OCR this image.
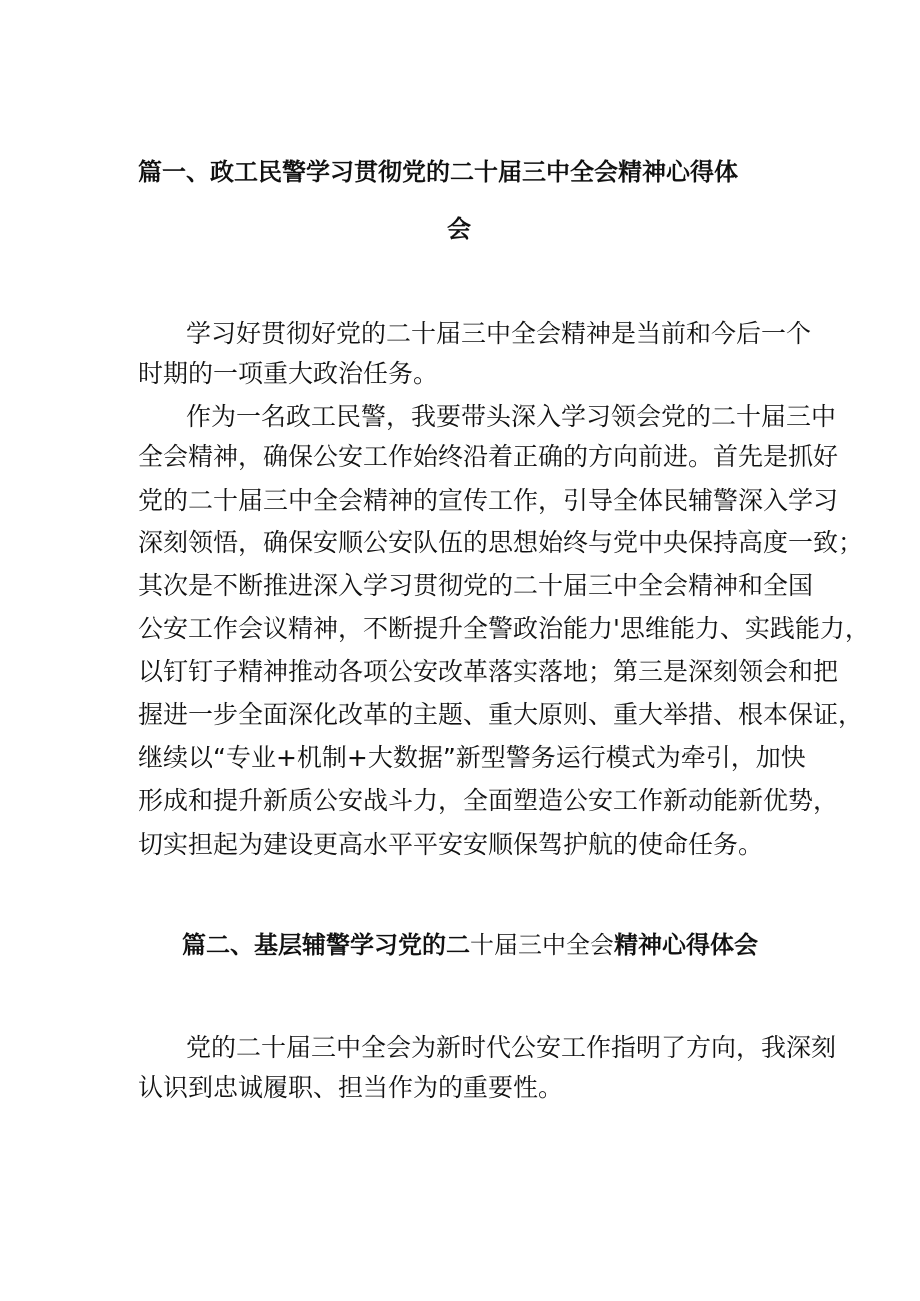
篇一、政工民警学习贯彻党的二十届三中全会精神心得体
会
学习好贯彻好党的二十届三中全会精神是当前和今后一个
时期的一项重大政治任务。
作为一名政工民警，我要带头深入学习领会党的二十届三中
全会精神，确保公安工作始终沿着正确的方向前进。首先是抓好
党的二十届三中全会精神的宣传工作，引导全体民辅警深入学习
深刻领悟，确保安顺公安队伍的思想始终与党中央保持高度一致；
其次是不断推进深入学习贯彻党的二十届三中全会精神和全国
公安工作会议精神，不断提升全警政治能力'思维能力、实践能力，
以钉钉子精神推动各项公安改革落实落地；第三是深刻领会和把
握进一步全面深化改革的主题、重大原则、重大举措、根本保证，
继续以“专业+机制+大数据”新型警务运行模式为牵引，加快
形成和提升新质公安战斗力，全面塑造公安工作新动能新优势，
切实担起为建设更高水平平安安顺保驾护航的使命任务。
篇二、基层辅警学习党的二十届三中全会精神心得体会
党的二十届三中全会为新时代公安工作指明了方向，我深刻
认识到忠诚履职、担当作为的重要性。
